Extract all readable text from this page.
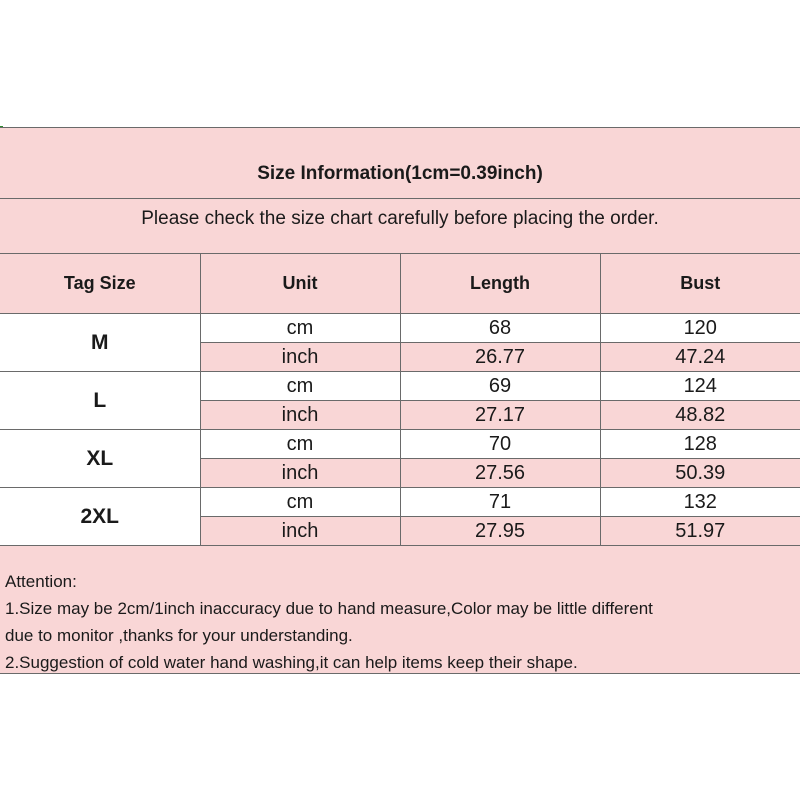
Size Information(1cm=0.39inch)
Please check the size chart carefully before placing the order.
Tag Size	Unit	Length	Bust
M	cm	68	120
	inch	26.77	47.24
L	cm	69	124
	inch	27.17	48.82
XL	cm	70	128
	inch	27.56	50.39
2XL	cm	71	132
	inch	27.95	51.97
Attention:
1.Size may be 2cm/1inch inaccuracy due to hand measure,Color may be little different
due to monitor ,thanks for your understanding.
2.Suggestion of cold water hand washing,it can help items keep their shape.
